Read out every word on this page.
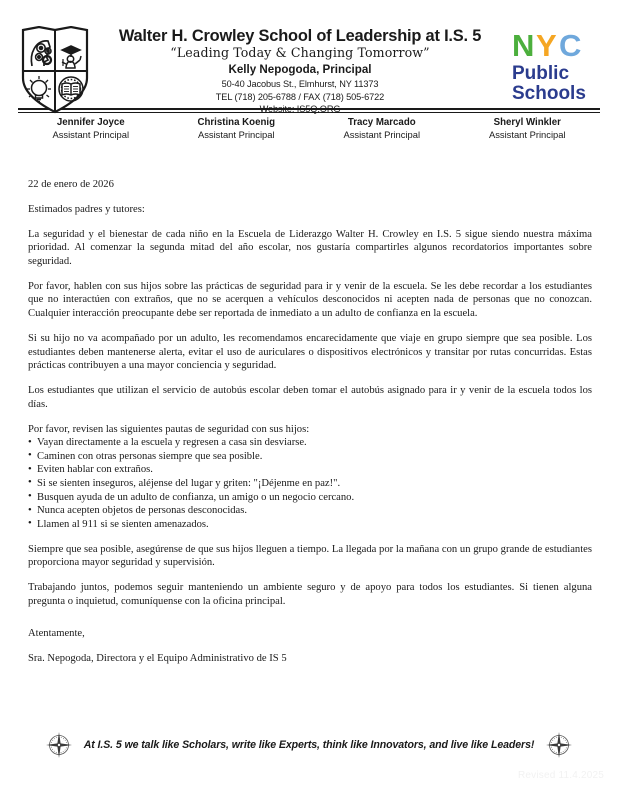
Walter H. Crowley School of Leadership at I.S. 5
“Leading Today & Changing Tomorrow”
Kelly Nepogoda, Principal
50-40 Jacobus St., Elmhurst, NY 11373
TEL (718) 205-6788 / FAX (718) 505-6722
Website: IS5Q.ORG
N Y C
Public
Schools
Jennifer Joyce
Assistant Principal
Christina Koenig
Assistant Principal
Tracy Marcado
Assistant Principal
Sheryl Winkler
Assistant Principal

22 de enero de 2026

Estimados padres y tutores:

La seguridad y el bienestar de cada niño en la Escuela de Liderazgo Walter H. Crowley en I.S. 5 sigue siendo nuestra máxima prioridad. Al comenzar la segunda mitad del año escolar, nos gustaría compartirles algunos recordatorios importantes sobre seguridad.

Por favor, hablen con sus hijos sobre las prácticas de seguridad para ir y venir de la escuela. Se les debe recordar a los estudiantes que no interactúen con extraños, que no se acerquen a vehículos desconocidos ni acepten nada de personas que no conozcan. Cualquier interacción preocupante debe ser reportada de inmediato a un adulto de confianza en la escuela.

Si su hijo no va acompañado por un adulto, les recomendamos encarecidamente que viaje en grupo siempre que sea posible. Los estudiantes deben mantenerse alerta, evitar el uso de auriculares o dispositivos electrónicos y transitar por rutas concurridas. Estas prácticas contribuyen a una mayor conciencia y seguridad.

Los estudiantes que utilizan el servicio de autobús escolar deben tomar el autobús asignado para ir y venir de la escuela todos los días.

Por favor, revisen las siguientes pautas de seguridad con sus hijos:

• Vayan directamente a la escuela y regresen a casa sin desviarse.
• Caminen con otras personas siempre que sea posible.
• Eviten hablar con extraños.
• Si se sienten inseguros, aléjense del lugar y griten: "¡Déjenme en paz!".
• Busquen ayuda de un adulto de confianza, un amigo o un negocio cercano.
• Nunca acepten objetos de personas desconocidas.
• Llamen al 911 si se sienten amenazados.

Siempre que sea posible, asegúrense de que sus hijos lleguen a tiempo. La llegada por la mañana con un grupo grande de estudiantes proporciona mayor seguridad y supervisión.

Trabajando juntos, podemos seguir manteniendo un ambiente seguro y de apoyo para todos los estudiantes. Si tienen alguna pregunta o inquietud, comuníquense con la oficina principal.

Atentamente,

Sra. Nepogoda, Directora y el Equipo Administrativo de IS 5

At I.S. 5 we talk like Scholars, write like Experts, think like Innovators, and live like Leaders!
Revised 11.4.2025
